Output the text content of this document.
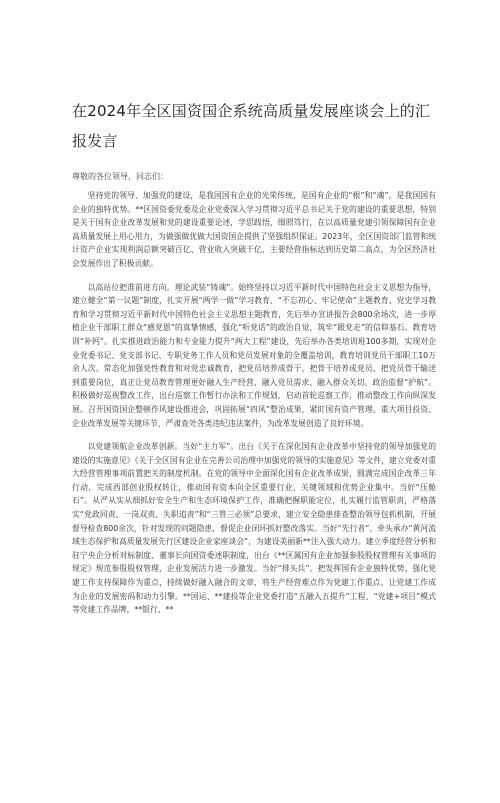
在2024年全区国资国企系统高质量发展座谈会上的汇报发言

尊敬的各位领导，同志们：

坚持党的领导、加强党的建设，是我国国有企业的光荣传统，是国有企业的“根”和“魂”，是我国国有企业的独特优势。**区国资委党委及企业党委深入学习贯彻习近平总书记关于党的建设的重要思想，特别是关于国有企业改革发展和党的建设重要论述，学思践悟，细照笃行，在以高质量党建引领保障国有企业高质量发展上用心用力，为做强做优做大国资国企提供了坚强组织保证。2023年，全区国资部门监管和统计资产企业实现利润总额突破百亿、营业收入突破千亿，主要经营指标达到历史第二高点，为全区经济社会发展作出了积极贡献。

以高站位把准前进方向。理论武装“铸魂”。始终坚持以习近平新时代中国特色社会主义思想为指导，建立健全“第一议题”制度，扎实开展“两学一做”学习教育、“不忘初心、牢记使命”主题教育、党史学习教育和学习贯彻习近平新时代中国特色社会主义思想主题教育，先后举办宣讲报告会800余场次，进一步厚植企业干部职工群众“感党恩”的真挚情感，强化“听党话”的政治自觉，筑牢“跟党走”的信仰基石。教育培训“补钙”。扎实推进政治能力和专业能力提升“两大工程”建设，先后举办各类培训班100多期，实现对企业党委书记、党支部书记、专职党务工作人员和党员发展对象的全覆盖培训，教育培训党员干部职工10万余人次。常态化加强党性教育和对党忠诚教育，把党员培养成骨干、把骨干培养成党员、把党员骨干输送到重要岗位，真正让党员教育管理更好融入生产经营、融入党员需求、融入群众关切。政治监督“护航”。积极做好巡视整改工作，出台巡察工作暂行办法和工作规划，启动首轮巡察工作，推动整改工作向纵深发展。召开国资国企整顿作风建设推进会，巩固拓展“四风”整治成果，紧盯国有资产管理、重大项目投资、企业改革发展等关键环节，严肃查处各类违纪违法案件，为改革发展创造了良好环境。

以党建领航企业改革创新。当好“主力军”。出台《关于在深化国有企业改革中坚持党的领导加强党的建设的实施意见》《关于全区国有企业在完善公司治理中加强党的领导的实施意见》等文件，建立党委对重大经营管理事项前置把关的制度机制。在党的领导中全面深化国有企业改革成果，圆满完成国企改革三年行动，完成西部创业股权转让，推动国有资本向全区重要行业、关键领域和优势企业集中。当好“压舱石”。从严从实从细抓好安全生产和生态环境保护工作，准确把握职能定位，扎实履行监管职责，严格落实“党政同责、一岗双责、失职追责”和“三管三必须”总要求，建立安全隐患排查整治领导包抓机制，开展督导检查800余次，针对发现的问题隐患，督促企业闭环抓好整改落实。当好“先行者”。牵头承办“黄河流域生态保护和高质量发展先行区建设企业家座谈会”，为建设美丽新**注入强大动力。建立季度经营分析和驻宁央企分析对标制度、董事长向国资委述职制度，出台《**区属国有企业加强参股股权管理有关事项的规定》规范参股股权管理，企业发展活力进一步激发。当好“排头兵”。把发挥国有企业独特优势、强化党建工作支持保障作为重点，持续做好融入融合的文章，将生产经营难点作为党建工作重点，让党建工作成为企业的发展密码和动力引擎。**国运、**建投等企业党委打造“五融入五提升”工程、“党建+项目”模式等党建工作品牌，**银行、**
